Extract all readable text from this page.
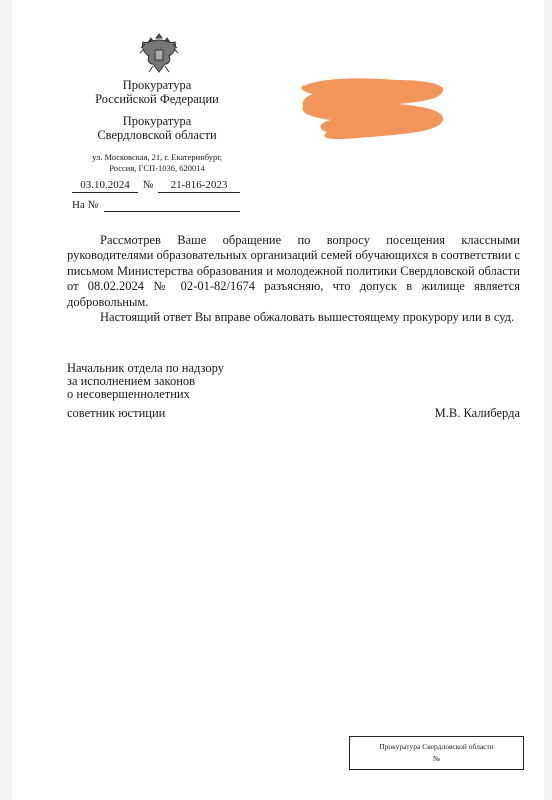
Прокуратура
Российской Федерации
Прокуратура
Свердловской области
ул. Московская, 21, г. Екатеринбург,
Россия, ГСП-1036, 620014
03.10.2024	№	21-816-2023
На №
Рассмотрев Ваше обращение по вопросу посещения классными руководителями образовательных организаций семей обучающихся в соответствии с письмом Министерства образования и молодежной политики Свердловской области от 08.02.2024 № 02-01-82/1674 разъясняю, что допуск в жилище является добровольным.
Настоящий ответ Вы вправе обжаловать вышестоящему прокурору или в суд.
Начальник отдела по надзору
за исполнением законов
о несовершеннолетних
советник юстиции	М.В. Калиберда
Прокуратура Свердловской области
№
